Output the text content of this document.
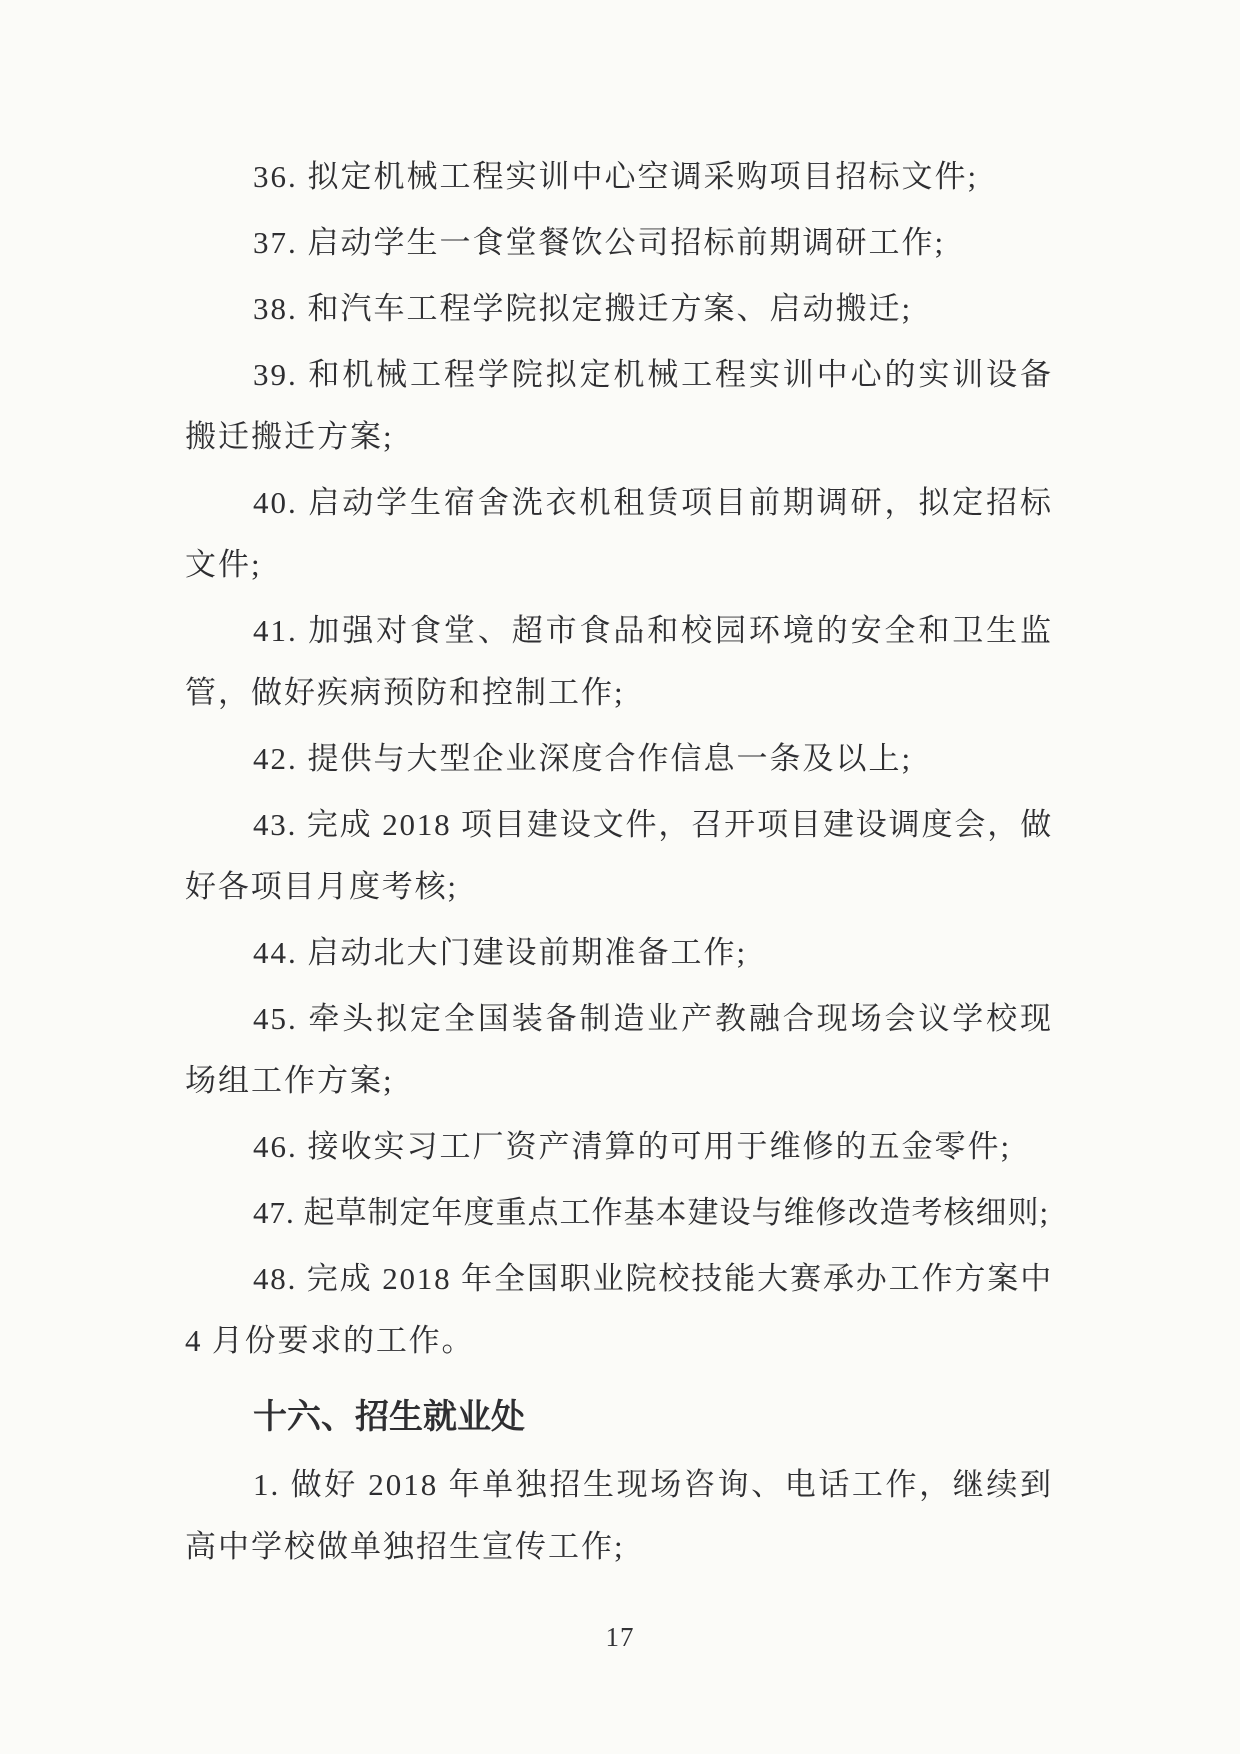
36. 拟定机械工程实训中心空调采购项目招标文件;

37. 启动学生一食堂餐饮公司招标前期调研工作;

38. 和汽车工程学院拟定搬迁方案、启动搬迁;

39. 和机械工程学院拟定机械工程实训中心的实训设备搬迁搬迁方案;

40. 启动学生宿舍洗衣机租赁项目前期调研，拟定招标文件;

41. 加强对食堂、超市食品和校园环境的安全和卫生监管，做好疾病预防和控制工作;

42. 提供与大型企业深度合作信息一条及以上;

43. 完成 2018 项目建设文件，召开项目建设调度会，做好各项目月度考核;

44. 启动北大门建设前期准备工作;

45. 牵头拟定全国装备制造业产教融合现场会议学校现场组工作方案;

46. 接收实习工厂资产清算的可用于维修的五金零件;

47. 起草制定年度重点工作基本建设与维修改造考核细则;

48. 完成 2018 年全国职业院校技能大赛承办工作方案中 4 月份要求的工作。

十六、招生就业处

1. 做好 2018 年单独招生现场咨询、电话工作，继续到高中学校做单独招生宣传工作;

17
